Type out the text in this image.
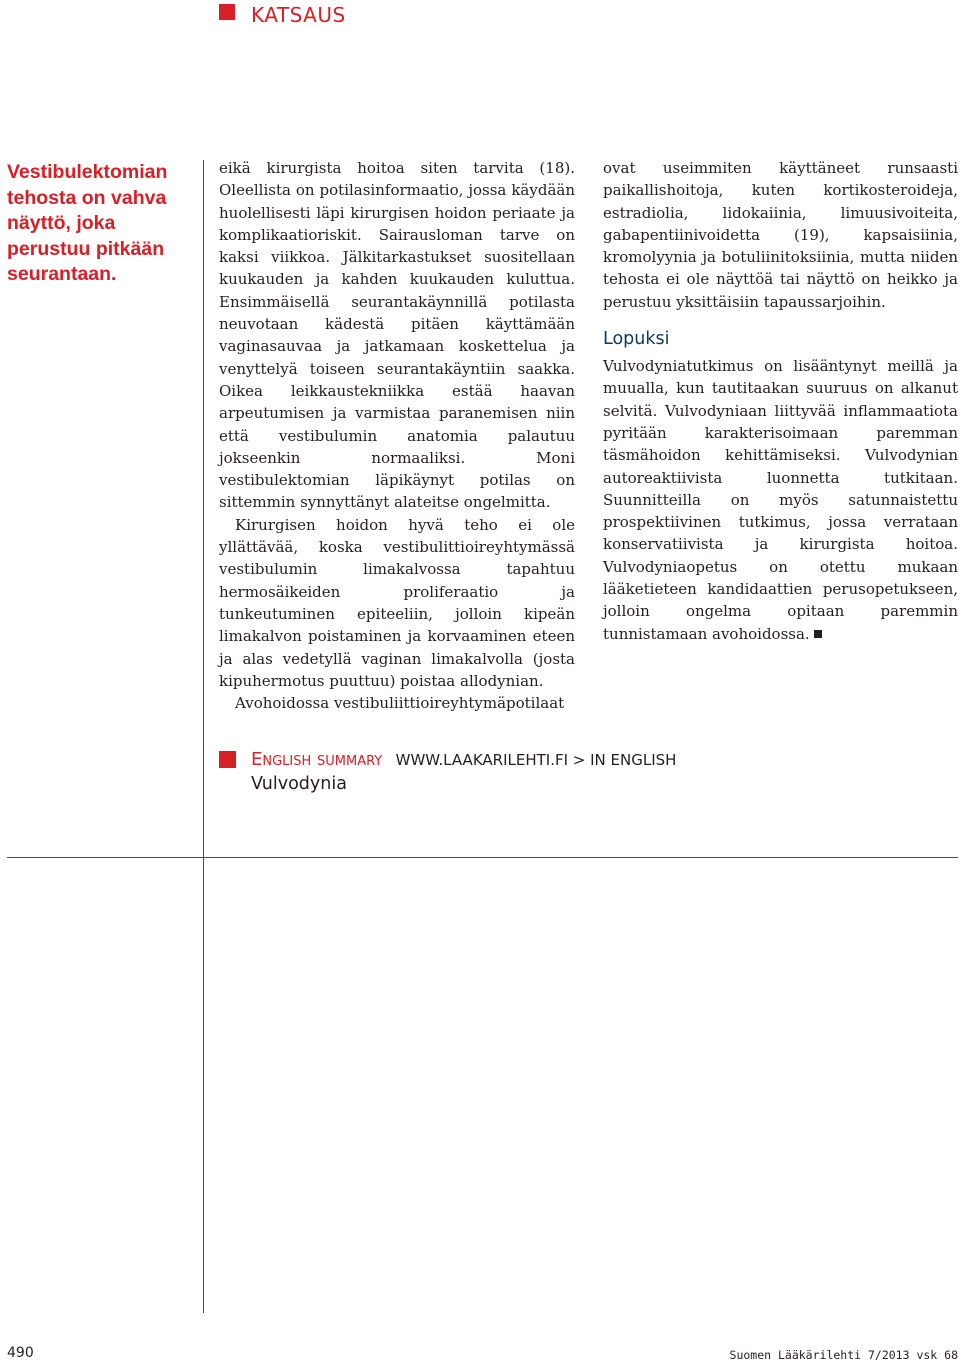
KATSAUS
Vestibulektomian tehosta on vahva näyttö, joka perustuu pitkään seurantaan.

eikä kirurgista hoitoa siten tarvita (18). Oleellista on potilasinformaatio, jossa käydään huolellisesti läpi kirurgisen hoidon periaate ja komplikaatioriskit. Sairausloman tarve on kaksi viikkoa. Jälkitarkastukset suositellaan kuukauden ja kahden kuukauden kuluttua. Ensimmäisellä seurantakäynnillä potilasta neuvotaan kädestä pitäen käyttämään vaginasauvaa ja jatkamaan koskettelua ja venyttelyä toiseen seurantakäyntiin saakka. Oikea leikkaustekniikka estää haavan arpeutumisen ja varmistaa paranemisen niin että vestibulumin anatomia palautuu jokseenkin normaaliksi. Moni vestibulektomian läpikäynyt potilas on sittemmin synnyttänyt alateitse ongelmitta.

Kirurgisen hoidon hyvä teho ei ole yllättävää, koska vestibulittioireyhtymässä vestibulumin limakalvossa tapahtuu hermosäikeiden proliferaatio ja tunkeutuminen epiteeliin, jolloin kipeän limakalvon poistaminen ja korvaaminen eteen ja alas vedetyllä vaginan limakalvolla (josta kipuhermotus puuttuu) poistaa allodynian.

Avohoidossa vestibuliittioireyhtymäpotilaat

ovat useimmiten käyttäneet runsaasti paikallishoitoja, kuten kortikosteroideja, estradiolia, lidokaiinia, limuusivoiteita, gabapentiinivoidetta (19), kapsaisiinia, kromolyynia ja botuliinitoksiinia, mutta niiden tehosta ei ole näyttöä tai näyttö on heikko ja perustuu yksittäisiin tapaussarjoihin.

Lopuksi

Vulvodyniatutkimus on lisääntynyt meillä ja muualla, kun tautitaakan suuruus on alkanut selvitä. Vulvodyniaan liittyvää inflammaatiota pyritään karakterisoimaan paremman täsmähoidon kehittämiseksi. Vulvodynian autoreaktiivista luonnetta tutkitaan. Suunnitteilla on myös satunnaistettu prospektiivinen tutkimus, jossa verrataan konservatiivista ja kirurgista hoitoa. Vulvodyniaopetus on otettu mukaan lääketieteen kandidaattien perusopetukseen, jolloin ongelma opitaan paremmin tunnistamaan avohoidossa.

English summary WWW.LAAKARILEHTI.FI > IN ENGLISH
Vulvodynia
490	Suomen Lääkärilehti 7/2013 vsk 68
